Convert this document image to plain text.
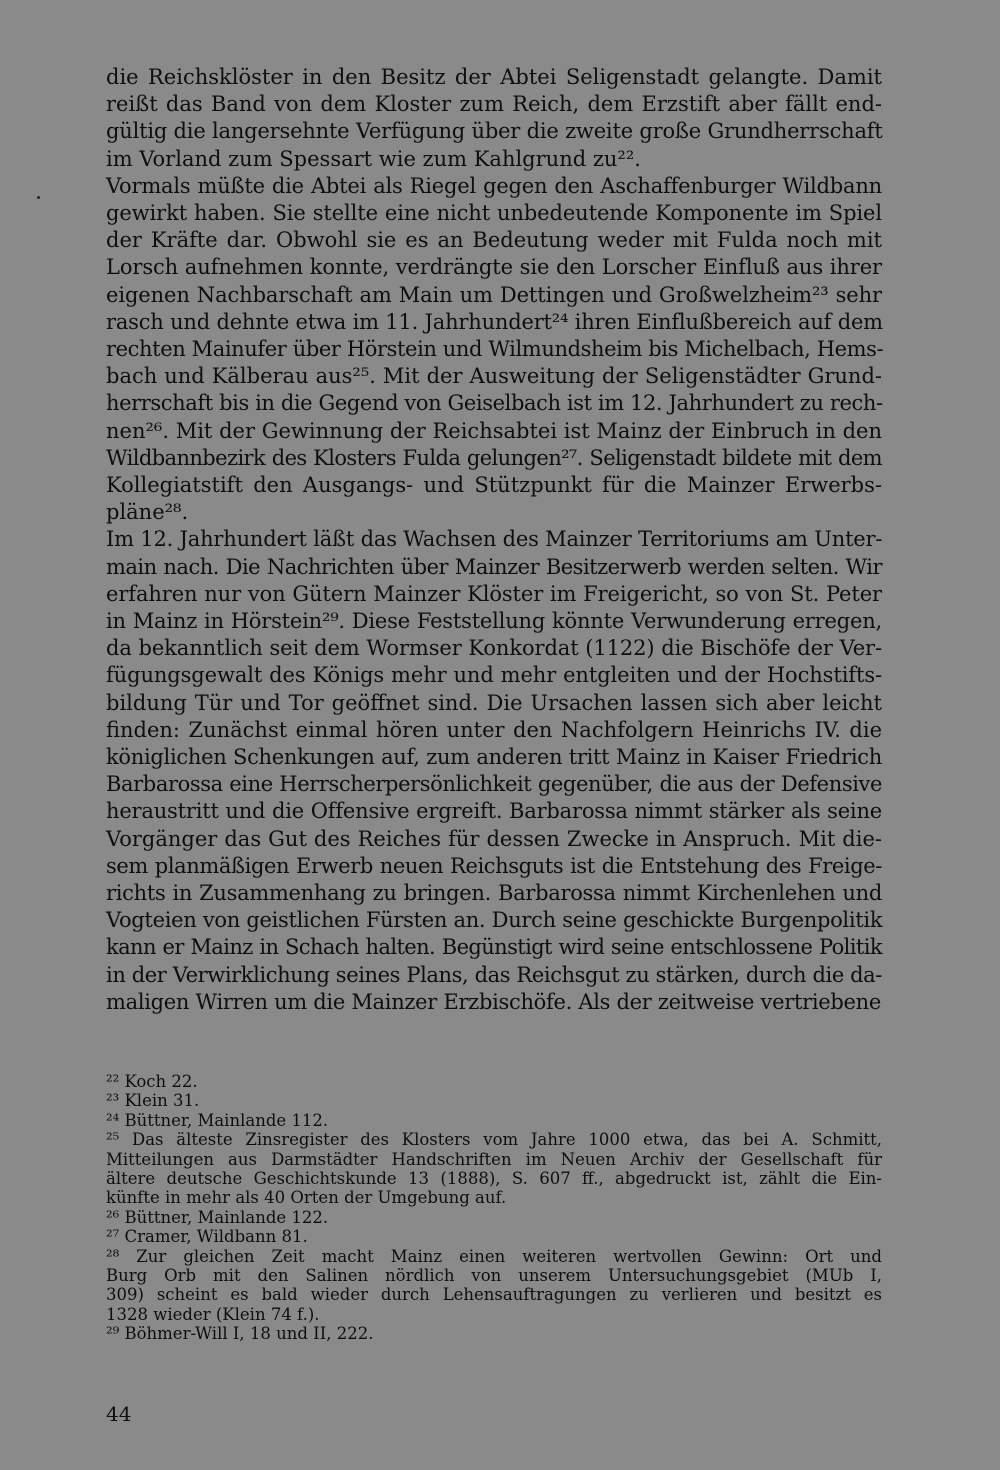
die Reichsklöster in den Besitz der Abtei Seligenstadt gelangte. Damit
reißt das Band von dem Kloster zum Reich, dem Erzstift aber fällt end-
gültig die langersehnte Verfügung über die zweite große Grundherrschaft
im Vorland zum Spessart wie zum Kahlgrund zu²².
Vormals müßte die Abtei als Riegel gegen den Aschaffenburger Wildbann
gewirkt haben. Sie stellte eine nicht unbedeutende Komponente im Spiel
der Kräfte dar. Obwohl sie es an Bedeutung weder mit Fulda noch mit
Lorsch aufnehmen konnte, verdrängte sie den Lorscher Einfluß aus ihrer
eigenen Nachbarschaft am Main um Dettingen und Großwelzheim²³ sehr
rasch und dehnte etwa im 11. Jahrhundert²⁴ ihren Einflußbereich auf dem
rechten Mainufer über Hörstein und Wilmundsheim bis Michelbach, Hems-
bach und Kälberau aus²⁵. Mit der Ausweitung der Seligenstädter Grund-
herrschaft bis in die Gegend von Geiselbach ist im 12. Jahrhundert zu rech-
nen²⁶. Mit der Gewinnung der Reichsabtei ist Mainz der Einbruch in den
Wildbannbezirk des Klosters Fulda gelungen²⁷. Seligenstadt bildete mit dem
Kollegiatstift den Ausgangs- und Stützpunkt für die Mainzer Erwerbs-
pläne²⁸.
Im 12. Jahrhundert läßt das Wachsen des Mainzer Territoriums am Unter-
main nach. Die Nachrichten über Mainzer Besitzerwerb werden selten. Wir
erfahren nur von Gütern Mainzer Klöster im Freigericht, so von St. Peter
in Mainz in Hörstein²⁹. Diese Feststellung könnte Verwunderung erregen,
da bekanntlich seit dem Wormser Konkordat (1122) die Bischöfe der Ver-
fügungsgewalt des Königs mehr und mehr entgleiten und der Hochstifts-
bildung Tür und Tor geöffnet sind. Die Ursachen lassen sich aber leicht
finden: Zunächst einmal hören unter den Nachfolgern Heinrichs IV. die
königlichen Schenkungen auf, zum anderen tritt Mainz in Kaiser Friedrich
Barbarossa eine Herrscherpersönlichkeit gegenüber, die aus der Defensive
heraustritt und die Offensive ergreift. Barbarossa nimmt stärker als seine
Vorgänger das Gut des Reiches für dessen Zwecke in Anspruch. Mit die-
sem planmäßigen Erwerb neuen Reichsguts ist die Entstehung des Freige-
richts in Zusammenhang zu bringen. Barbarossa nimmt Kirchenlehen und
Vogteien von geistlichen Fürsten an. Durch seine geschickte Burgenpolitik
kann er Mainz in Schach halten. Begünstigt wird seine entschlossene Politik
in der Verwirklichung seines Plans, das Reichsgut zu stärken, durch die da-
maligen Wirren um die Mainzer Erzbischöfe. Als der zeitweise vertriebene
²² Koch 22.
²³ Klein 31.
²⁴ Büttner, Mainlande 112.
²⁵ Das älteste Zinsregister des Klosters vom Jahre 1000 etwa, das bei A. Schmitt,
Mitteilungen aus Darmstädter Handschriften im Neuen Archiv der Gesellschaft für
ältere deutsche Geschichtskunde 13 (1888), S. 607 ff., abgedruckt ist, zählt die Ein-
künfte in mehr als 40 Orten der Umgebung auf.
²⁶ Büttner, Mainlande 122.
²⁷ Cramer, Wildbann 81.
²⁸ Zur gleichen Zeit macht Mainz einen weiteren wertvollen Gewinn: Ort und
Burg Orb mit den Salinen nördlich von unserem Untersuchungsgebiet (MUb I,
309) scheint es bald wieder durch Lehensauftragungen zu verlieren und besitzt es
1328 wieder (Klein 74 f.).
²⁹ Böhmer-Will I, 18 und II, 222.
44
